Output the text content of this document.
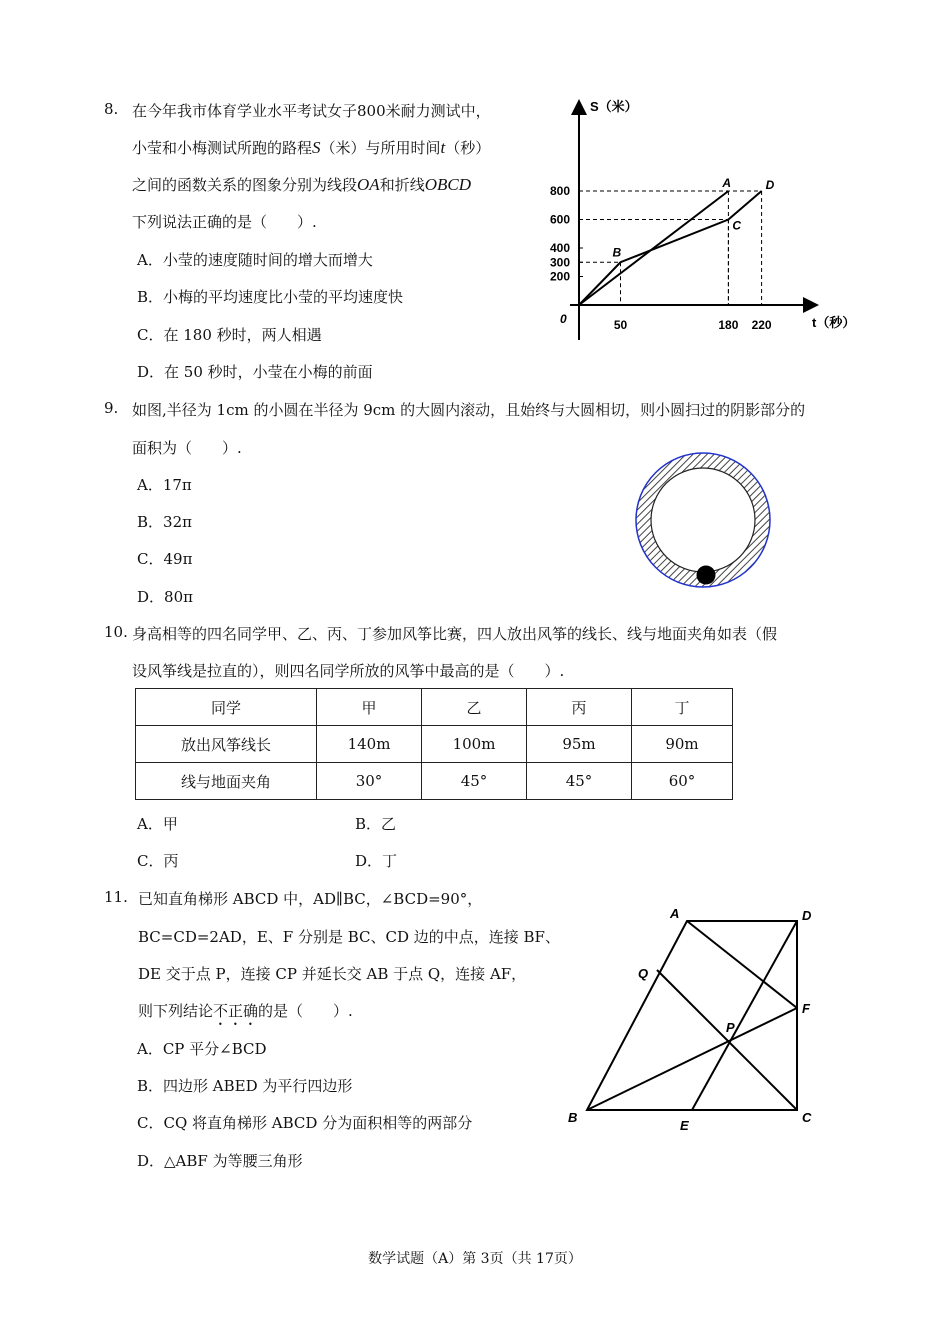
8. 在今年我市体育学业水平考试女子800米耐力测试中，
小莹和小梅测试所跑的路程S（米）与所用时间t（秒）
之间的函数关系的图象分别为线段OA和折线OBCD
下列说法正确的是（　　）.
A．小莹的速度随时间的增大而增大
B．小梅的平均速度比小莹的平均速度快
C．在 180 秒时，两人相遇
D．在 50 秒时，小莹在小梅的前面
200
300
400
600
800
50	180 220
A
B
C
D
S（米）
t（秒）
0
9. 如图,半径为 1cm 的小圆在半径为 9cm 的大圆内滚动，且始终与大圆相切，则小圆扫过的阴影部分的
面积为（　　）.
A．17π
B．32π
C．49π
D．80π
10. 身高相等的四名同学甲、乙、丙、丁参加风筝比赛，四人放出风筝的线长、线与地面夹角如表（假
设风筝线是拉直的），则四名同学所放的风筝中最高的是（　　）.
同学	甲	乙	丙	丁
放出风筝线长	140m	100m	95m	90m
线与地面夹角	30°	45°	45°	60°
A．甲	B．乙
C．丙	D．丁
11. 已知直角梯形 ABCD 中，AD∥BC，∠BCD=90°，
BC=CD=2AD，E、F 分别是 BC、CD 边的中点，连接 BF、
DE 交于点 P，连接 CP 并延长交 AB 于点 Q，连接 AF，
则下列结论不正确的是（　　）.
A．CP 平分∠BCD
B．四边形 ABED 为平行四边形
C．CQ 将直角梯形 ABCD 分为面积相等的两部分
D．△ABF 为等腰三角形
A	D
Q
F
P
B
E
C
数学试题（A）第 3页（共 17页）
